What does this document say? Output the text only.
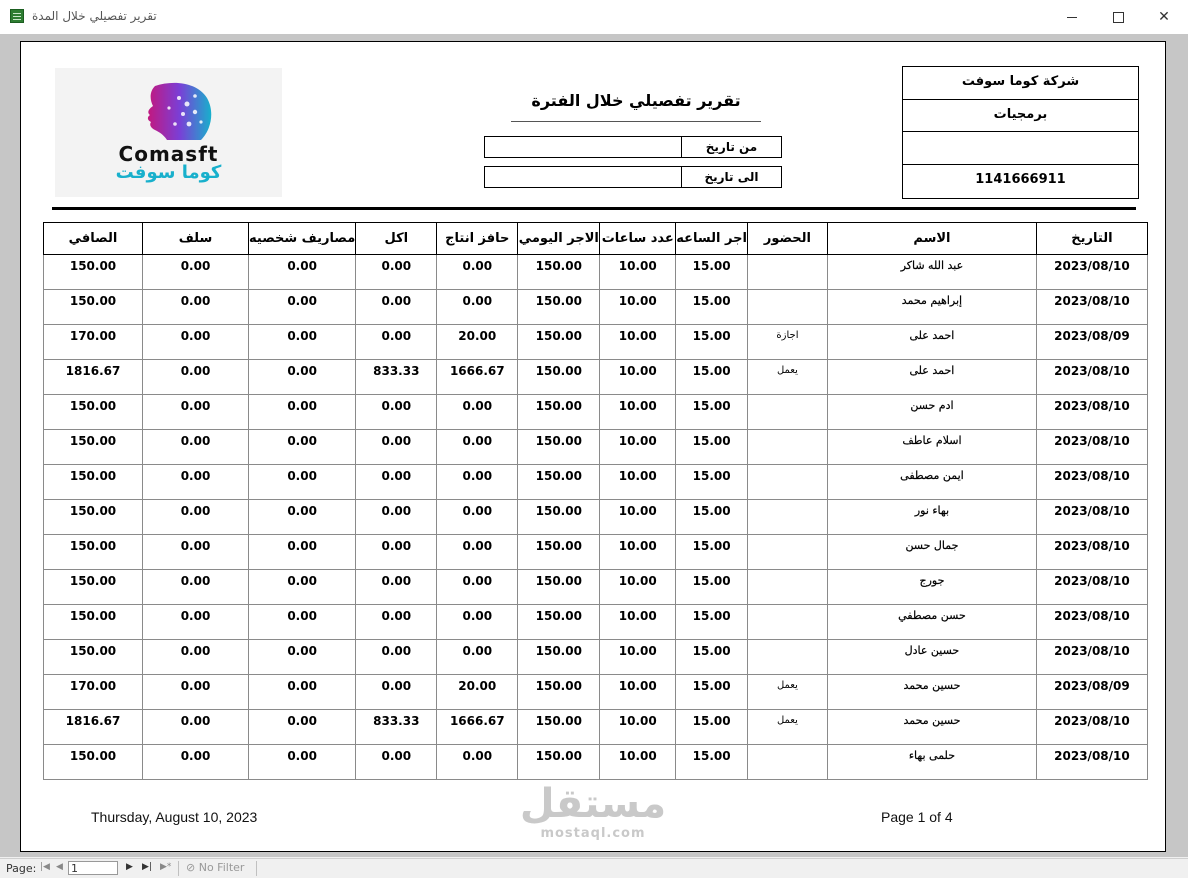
تقرير تفصيلي خلال المدة	✕
شركة كوما سوفت
برمجيات
1141666911
Comasft
كوما سوفت
تقرير تفصيلي خلال الفترة
من تاريخ
الى تاريخ
الصافي	سلف	مصاريف شخصيه	اكل	حافز انتاج	الاجر اليومي	عدد ساعات	اجر الساعه	الحضور	الاسم	التاريخ
150.00	0.00	0.00	0.00	0.00	150.00	10.00	15.00		عبد الله شاكر	2023/08/10
150.00	0.00	0.00	0.00	0.00	150.00	10.00	15.00		إبراهيم محمد	2023/08/10
170.00	0.00	0.00	0.00	20.00	150.00	10.00	15.00	اجازة	احمد على	2023/08/09
1816.67	0.00	0.00	833.33	1666.67	150.00	10.00	15.00	يعمل	احمد على	2023/08/10
150.00	0.00	0.00	0.00	0.00	150.00	10.00	15.00		ادم حسن	2023/08/10
150.00	0.00	0.00	0.00	0.00	150.00	10.00	15.00		اسلام عاطف	2023/08/10
150.00	0.00	0.00	0.00	0.00	150.00	10.00	15.00		ايمن مصطفى	2023/08/10
150.00	0.00	0.00	0.00	0.00	150.00	10.00	15.00		بهاء نور	2023/08/10
150.00	0.00	0.00	0.00	0.00	150.00	10.00	15.00		جمال حسن	2023/08/10
150.00	0.00	0.00	0.00	0.00	150.00	10.00	15.00		جورج	2023/08/10
150.00	0.00	0.00	0.00	0.00	150.00	10.00	15.00		حسن مصطفي	2023/08/10
150.00	0.00	0.00	0.00	0.00	150.00	10.00	15.00		حسين عادل	2023/08/10
170.00	0.00	0.00	0.00	20.00	150.00	10.00	15.00	يعمل	حسين محمد	2023/08/09
1816.67	0.00	0.00	833.33	1666.67	150.00	10.00	15.00	يعمل	حسين محمد	2023/08/10
150.00	0.00	0.00	0.00	0.00	150.00	10.00	15.00		حلمى بهاء	2023/08/10
Thursday, August 10, 2023	Page 1 of 4
مستقل
mostaql.com
Page: |◀ ◀ 1	▶ ▶| ▶* ⊘ No Filter
